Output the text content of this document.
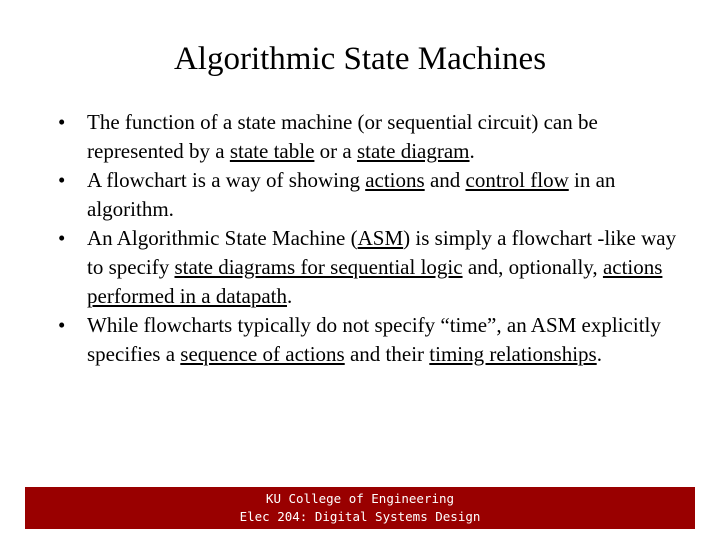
Algorithmic State Machines
• The function of a state machine (or sequential circuit) can be represented by a state table or a state diagram.
• A flowchart is a way of showing actions and control flow in an algorithm.
• An Algorithmic State Machine (ASM) is simply a flowchart -like way to specify state diagrams for sequential logic and, optionally, actions performed in a datapath.
• While flowcharts typically do not specify “time”, an ASM explicitly specifies a sequence of actions and their timing relationships.
KU College of Engineering
Elec 204: Digital Systems Design
